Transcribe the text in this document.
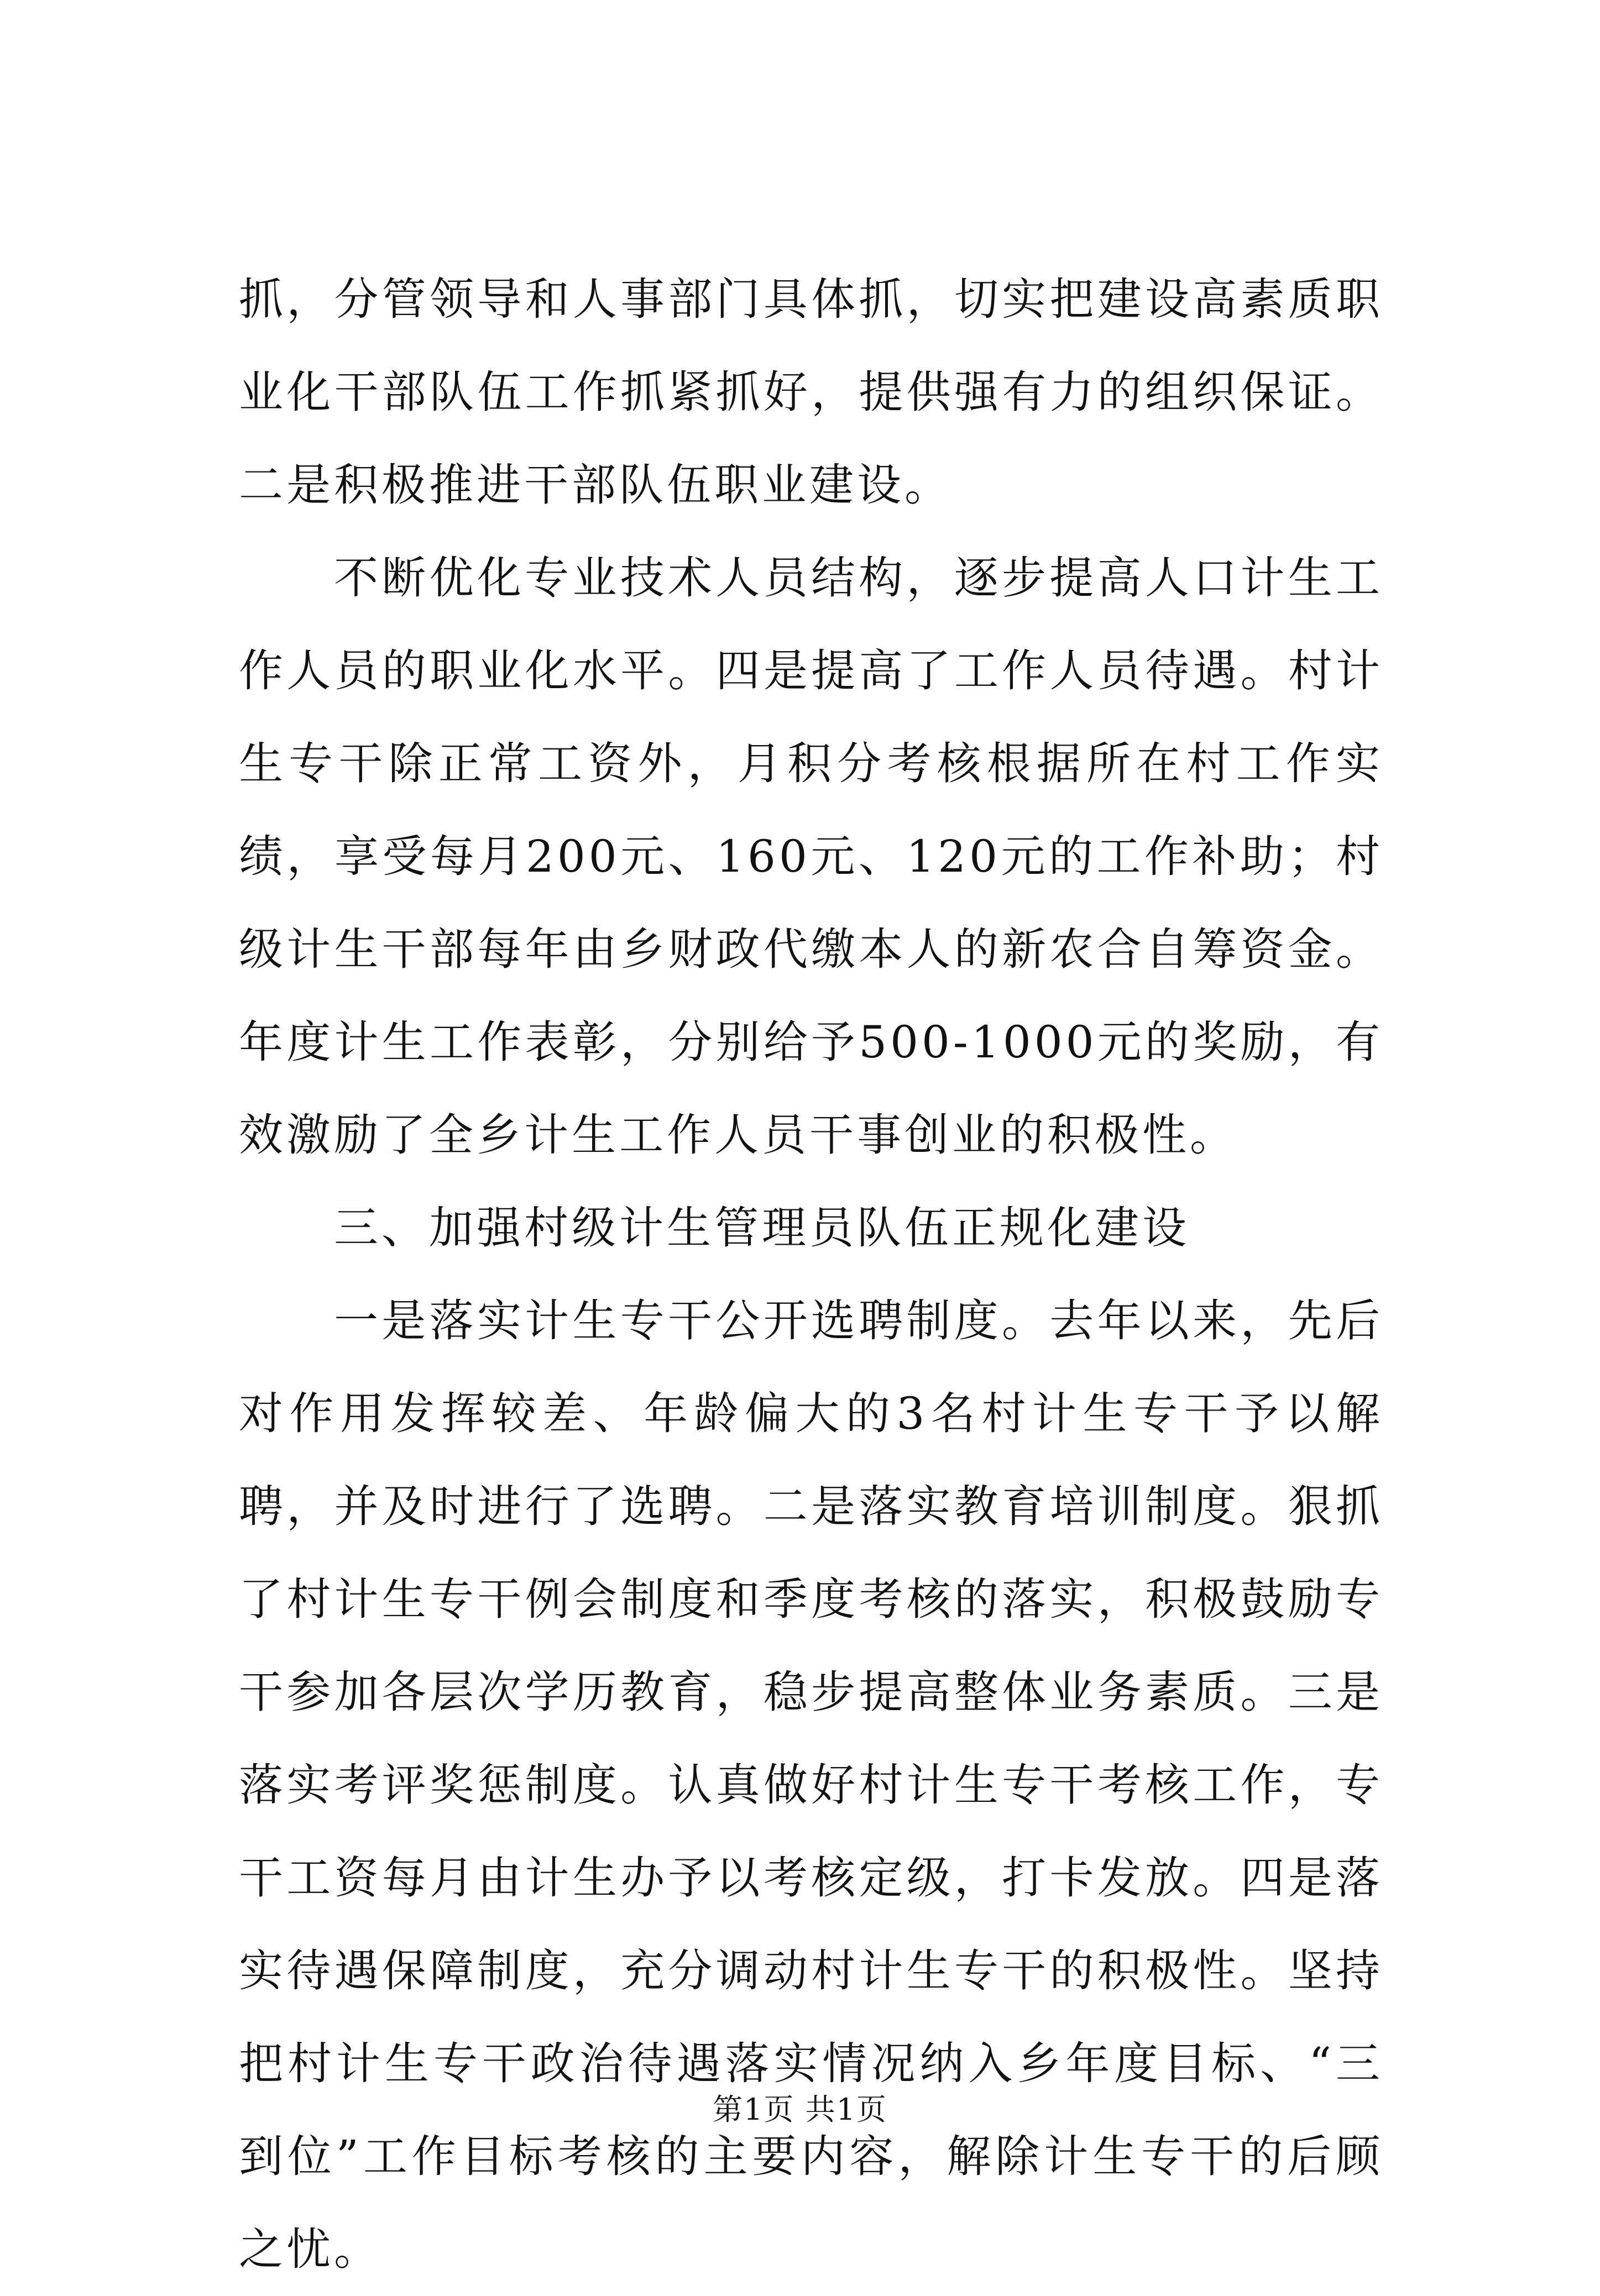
抓，分管领导和人事部门具体抓，切实把建设高素质职业化干部队伍工作抓紧抓好，提供强有力的组织保证。二是积极推进干部队伍职业建设。

不断优化专业技术人员结构，逐步提高人口计生工作人员的职业化水平。四是提高了工作人员待遇。村计生专干除正常工资外，月积分考核根据所在村工作实绩，享受每月200元、160元、120元的工作补助；村级计生干部每年由乡财政代缴本人的新农合自筹资金。年度计生工作表彰，分别给予500-1000元的奖励，有效激励了全乡计生工作人员干事创业的积极性。

三、加强村级计生管理员队伍正规化建设

一是落实计生专干公开选聘制度。去年以来，先后对作用发挥较差、年龄偏大的3名村计生专干予以解聘，并及时进行了选聘。二是落实教育培训制度。狠抓了村计生专干例会制度和季度考核的落实，积极鼓励专干参加各层次学历教育，稳步提高整体业务素质。三是落实考评奖惩制度。认真做好村计生专干考核工作，专干工资每月由计生办予以考核定级，打卡发放。四是落实待遇保障制度，充分调动村计生专干的积极性。坚持把村计生专干政治待遇落实情况纳入乡年度目标、“三到位”工作目标考核的主要内容，解除计生专干的后顾之忧。

第1页 共1页
